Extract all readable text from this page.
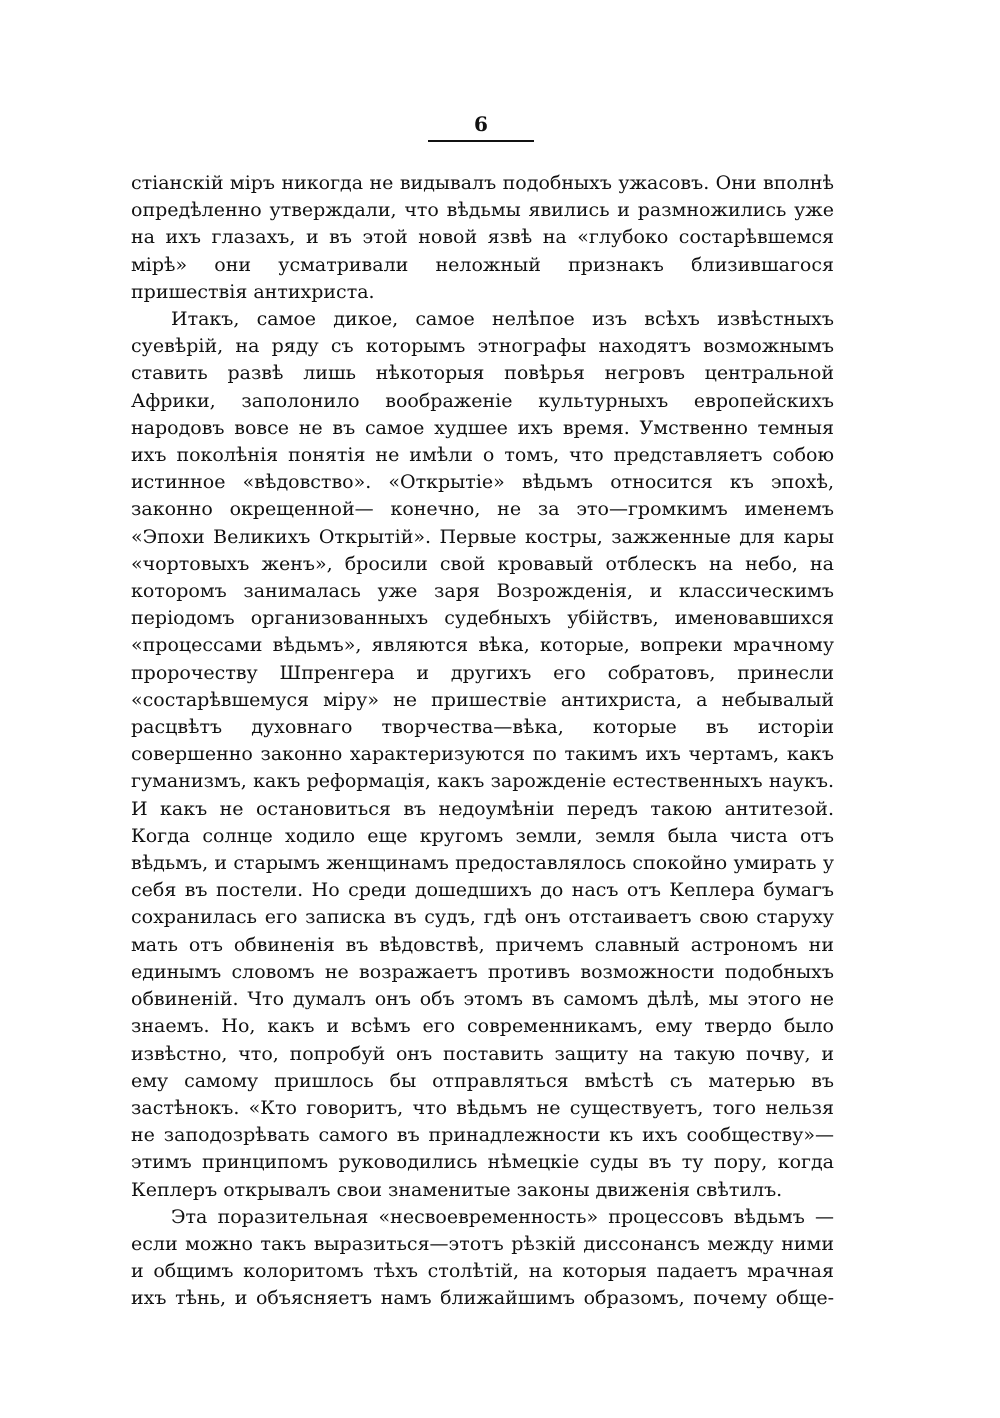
6

стіанскій міръ никогда не видывалъ подобныхъ ужасовъ. Они вполнѣ опредѣленно утверждали, что вѣдьмы явились и размножились уже на ихъ глазахъ, и въ этой новой язвѣ на «глубоко состарѣвшемся мірѣ» они усматривали неложный признакъ близившагося пришествія антихриста.

Итакъ, самое дикое, самое нелѣпое изъ всѣхъ извѣстныхъ суевѣрій, на ряду съ которымъ этнографы находятъ возможнымъ ставить развѣ лишь нѣкоторыя повѣрья негровъ центральной Африки, заполонило воображеніе культурныхъ европейскихъ народовъ вовсе не въ самое худшее ихъ время. Умственно темныя ихъ поколѣнія понятія не имѣли о томъ, что представляетъ собою истинное «вѣдовство». «Открытіе» вѣдьмъ относится къ эпохѣ, законно окрещенной— конечно, не за это—громкимъ именемъ «Эпохи Великихъ Открытій». Первые костры, зажженные для кары «чортовыхъ женъ», бросили свой кровавый отблескъ на небо, на которомъ занималась уже заря Возрожденія, и классическимъ періодомъ организованныхъ судебныхъ убійствъ, именовавшихся «процессами вѣдьмъ», являются вѣка, которые, вопреки мрачному пророчеству Шпренгера и другихъ его собратовъ, принесли «состарѣвшемуся міру» не пришествіе антихриста, а небывалый расцвѣтъ духовнаго творчества—вѣка, которые въ исторіи совершенно законно характеризуются по такимъ ихъ чертамъ, какъ гуманизмъ, какъ реформація, какъ зарожденіе естественныхъ наукъ. И какъ не остановиться въ недоумѣніи передъ такою антитезой. Когда солнце ходило еще кругомъ земли, земля была чиста отъ вѣдьмъ, и старымъ женщинамъ предоставлялось спокойно умирать у себя въ постели. Но среди дошедшихъ до насъ отъ Кеплера бумагъ сохранилась его записка въ судъ, гдѣ онъ отстаиваетъ свою старуху мать отъ обвиненія въ вѣдовствѣ, причемъ славный астрономъ ни единымъ словомъ не возражаетъ противъ возможности подобныхъ обвиненій. Что думалъ онъ объ этомъ въ самомъ дѣлѣ, мы этого не знаемъ. Но, какъ и всѣмъ его современникамъ, ему твердо было извѣстно, что, попробуй онъ поставить защиту на такую почву, и ему самому пришлось бы отправляться вмѣстѣ съ матерью въ застѣнокъ. «Кто говоритъ, что вѣдьмъ не существуетъ, того нельзя не заподозрѣвать самого въ принадлежности къ ихъ сообществу»—этимъ принципомъ руководились нѣмецкіе суды въ ту пору, когда Кеплеръ открывалъ свои знаменитые законы движенія свѣтилъ.

Эта поразительная «несвоевременность» процессовъ вѣдьмъ — если можно такъ выразиться—этотъ рѣзкій диссонансъ между ними и общимъ колоритомъ тѣхъ столѣтій, на которыя падаетъ мрачная ихъ тѣнь, и объясняетъ намъ ближайшимъ образомъ, почему обще-
